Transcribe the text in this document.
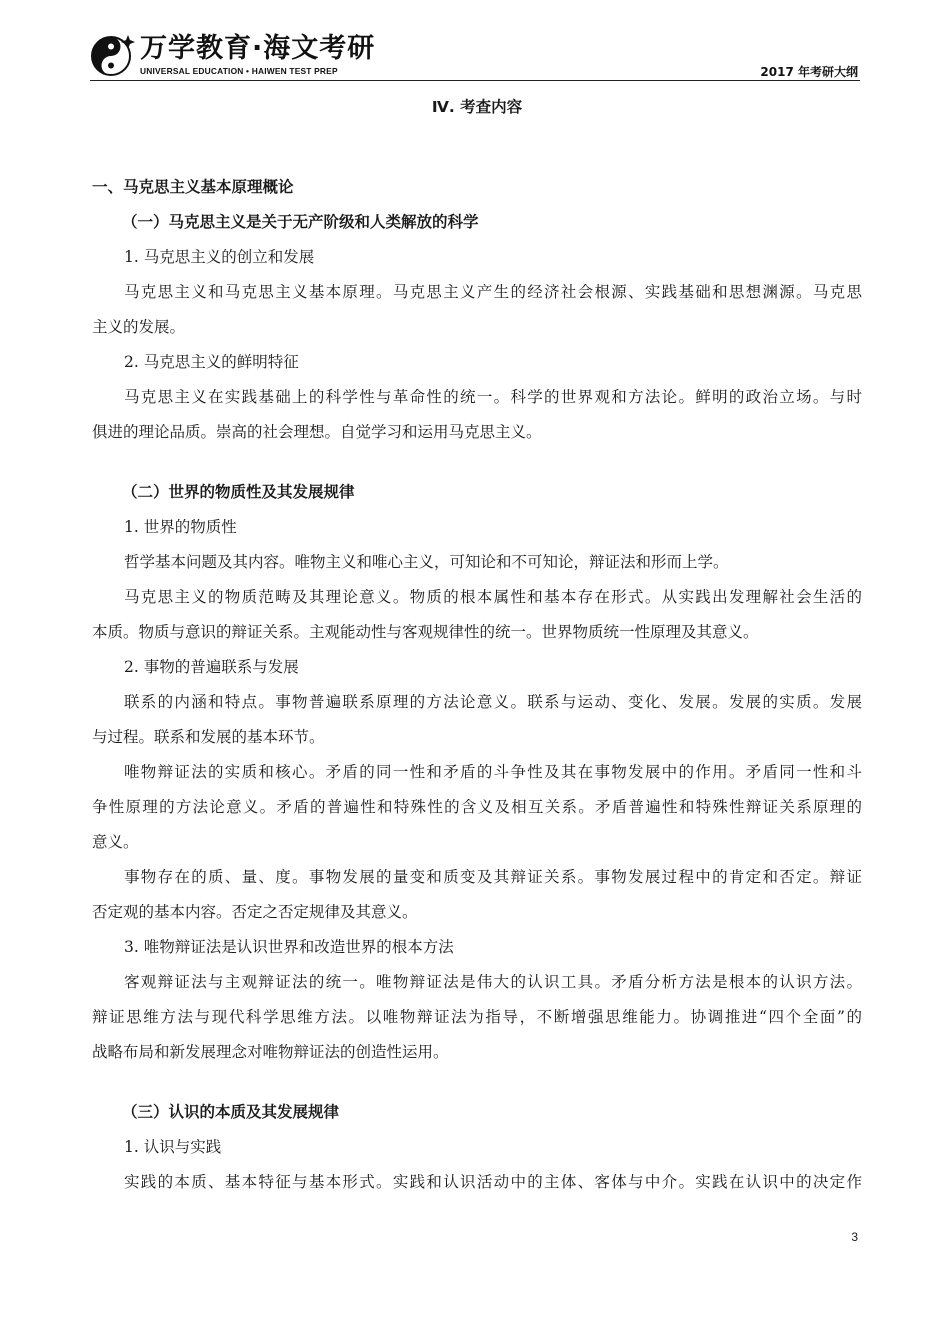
万学教育·海文考研
UNIVERSAL EDUCATION • HAIWEN TEST PREP	2017 年考研大纲
Ⅳ. 考查内容
一、马克思主义基本原理概论
（一）马克思主义是关于无产阶级和人类解放的科学
1. 马克思主义的创立和发展
马克思主义和马克思主义基本原理。马克思主义产生的经济社会根源、实践基础和思想渊源。马克思
主义的发展。
2. 马克思主义的鲜明特征
马克思主义在实践基础上的科学性与革命性的统一。科学的世界观和方法论。鲜明的政治立场。与时
俱进的理论品质。崇高的社会理想。自觉学习和运用马克思主义。
（二）世界的物质性及其发展规律
1. 世界的物质性
哲学基本问题及其内容。唯物主义和唯心主义，可知论和不可知论，辩证法和形而上学。
马克思主义的物质范畴及其理论意义。物质的根本属性和基本存在形式。从实践出发理解社会生活的
本质。物质与意识的辩证关系。主观能动性与客观规律性的统一。世界物质统一性原理及其意义。
2. 事物的普遍联系与发展
联系的内涵和特点。事物普遍联系原理的方法论意义。联系与运动、变化、发展。发展的实质。发展
与过程。联系和发展的基本环节。
唯物辩证法的实质和核心。矛盾的同一性和矛盾的斗争性及其在事物发展中的作用。矛盾同一性和斗
争性原理的方法论意义。矛盾的普遍性和特殊性的含义及相互关系。矛盾普遍性和特殊性辩证关系原理的
意义。
事物存在的质、量、度。事物发展的量变和质变及其辩证关系。事物发展过程中的肯定和否定。辩证
否定观的基本内容。否定之否定规律及其意义。
3. 唯物辩证法是认识世界和改造世界的根本方法
客观辩证法与主观辩证法的统一。唯物辩证法是伟大的认识工具。矛盾分析方法是根本的认识方法。
辩证思维方法与现代科学思维方法。以唯物辩证法为指导，不断增强思维能力。协调推进“四个全面”的
战略布局和新发展理念对唯物辩证法的创造性运用。
（三）认识的本质及其发展规律
1. 认识与实践
实践的本质、基本特征与基本形式。实践和认识活动中的主体、客体与中介。实践在认识中的决定作
3
